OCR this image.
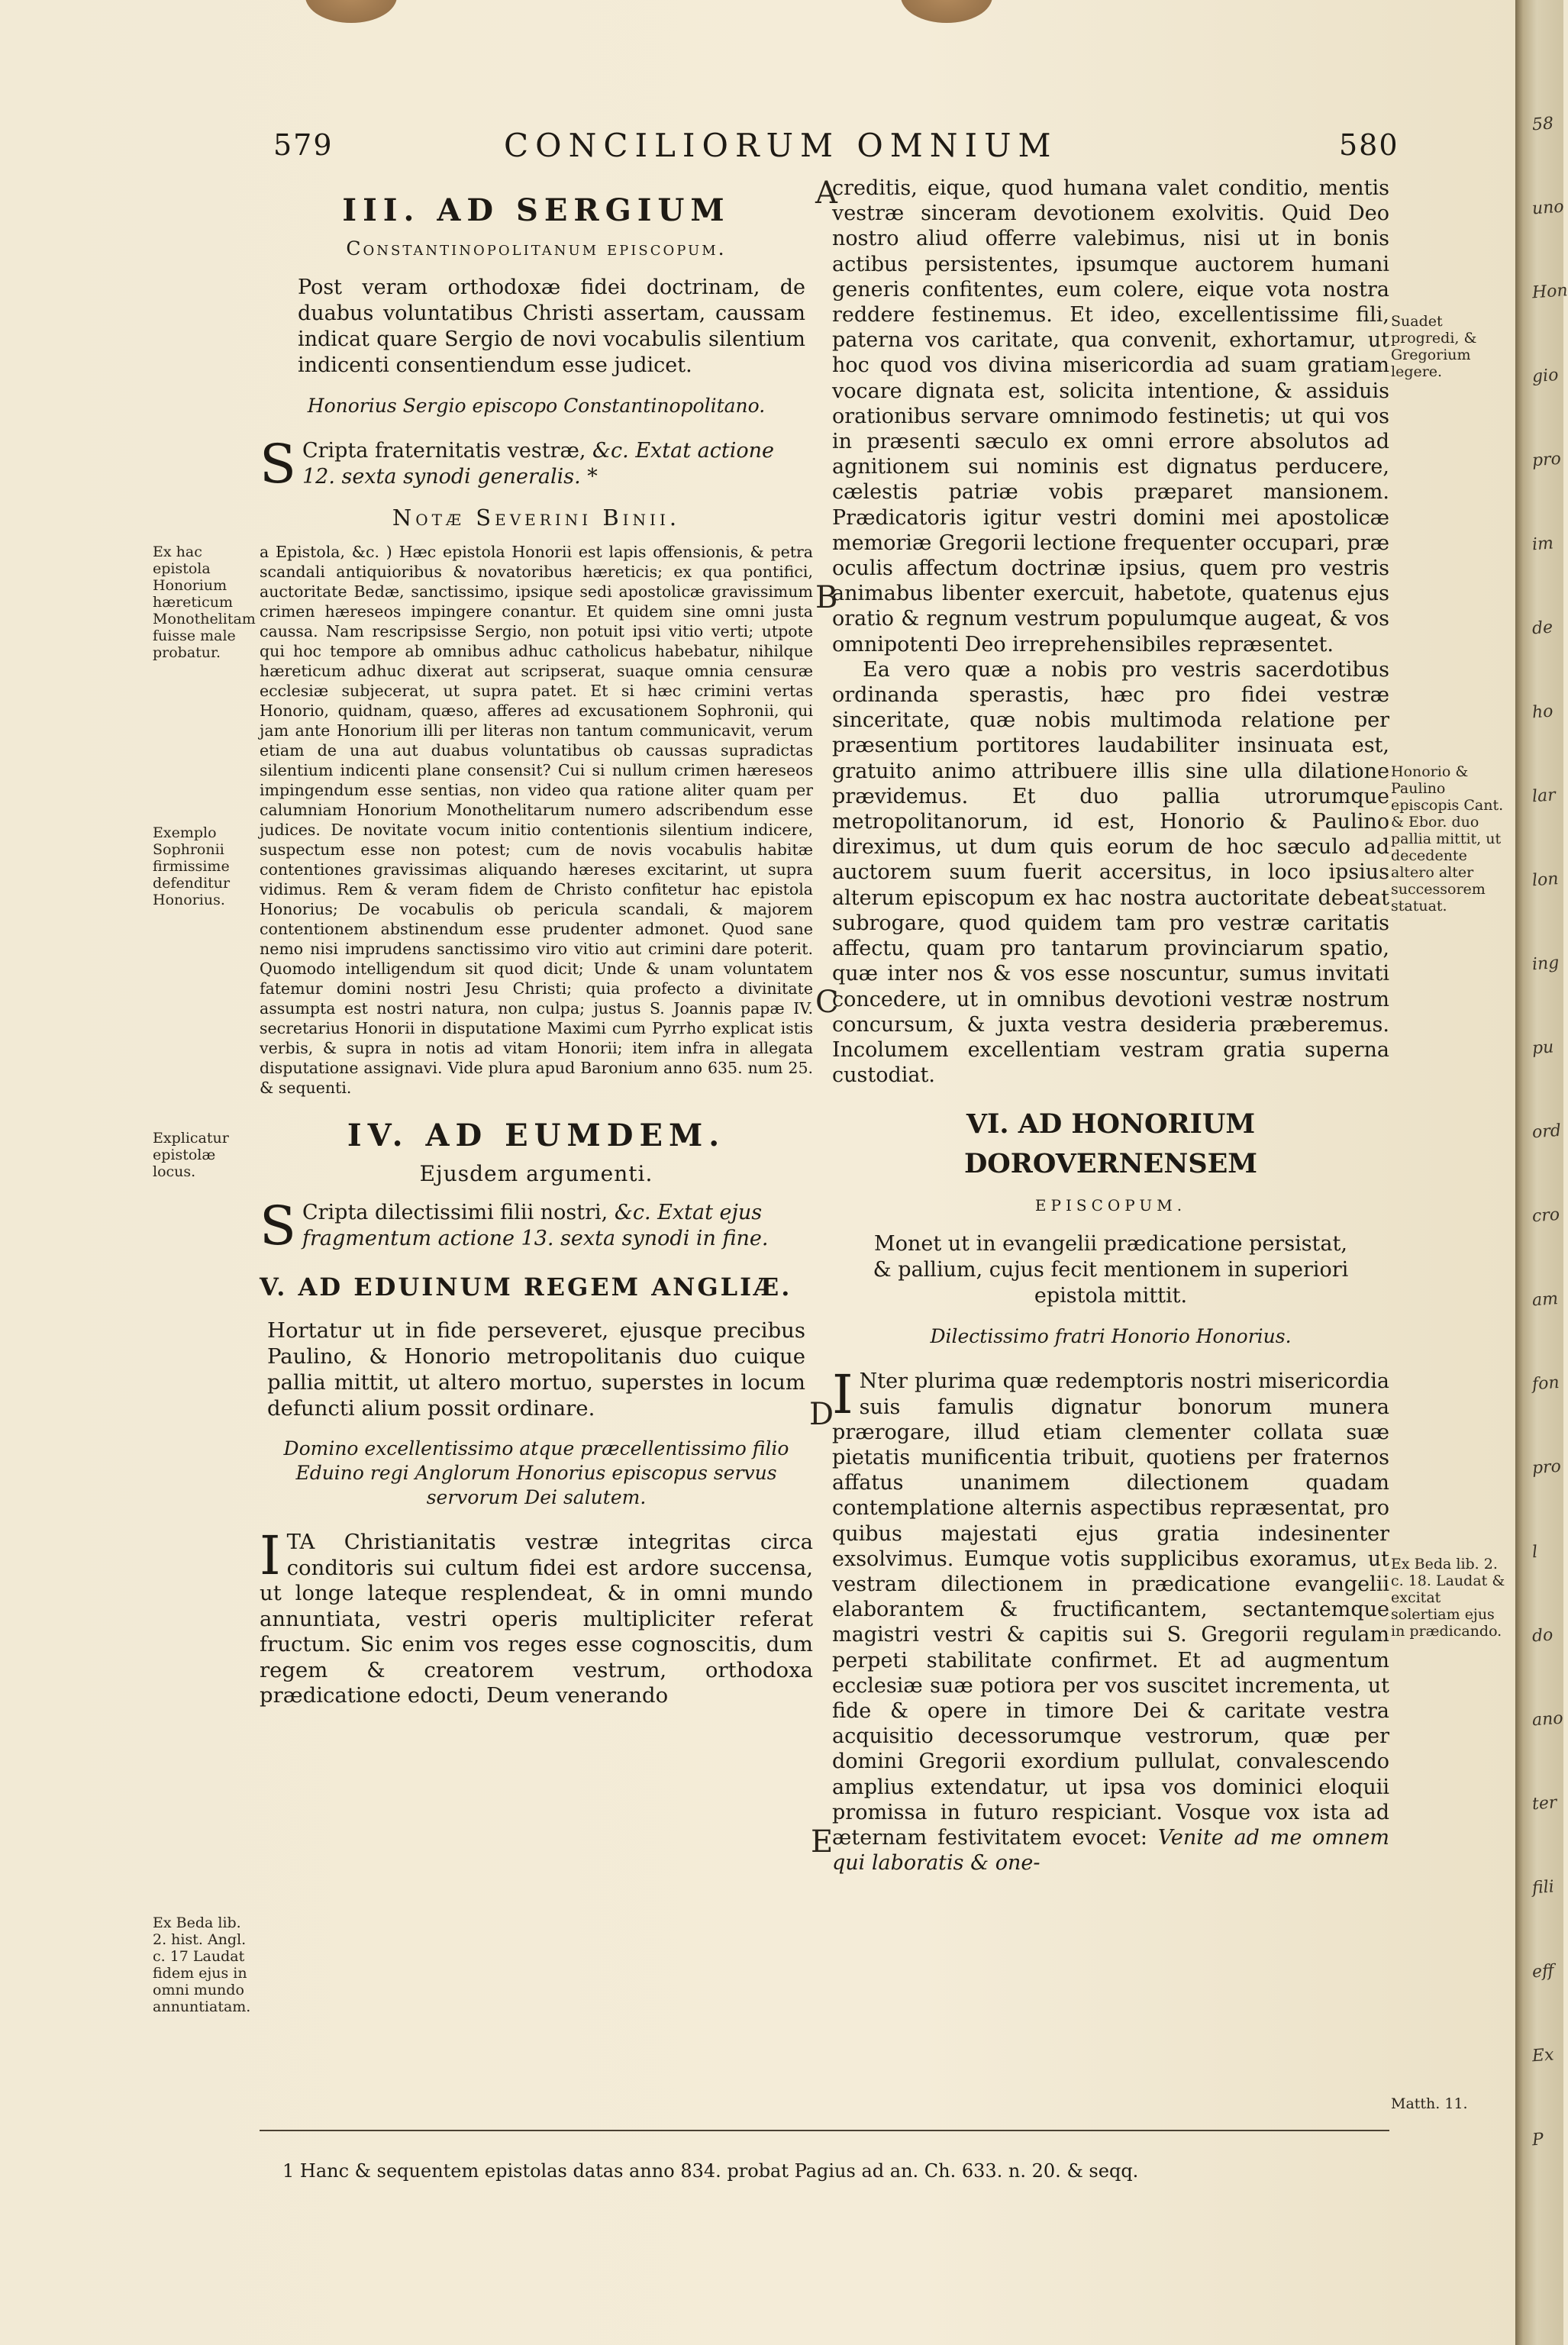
579	CONCILIORUM OMNIUM	580
III. AD SERGIUM
Constantinopolitanum episcopum.

Post veram orthodoxæ fidei doctrinam, de duabus voluntatibus Christi assertam, caussam indicat quare Sergio de novi vocabulis silentium indicenti consentiendum esse judicet.

Honorius Sergio episcopo Constantinopolitano.

S Cripta fraternitatis vestræ, &c. Extat actione 12. sexta synodi generalis. *

Notæ Severini Binii.

a Epistola, &c. ) Hæc epistola Honorii est lapis offensionis, & petra scandali antiquioribus & novatoribus hæreticis; ex qua pontifici, auctoritate Bedæ, sanctissimo, ipsique sedi apostolicæ gravissimum crimen hæreseos impingere conantur. Et quidem sine omni justa caussa. Nam rescripsisse Sergio, non potuit ipsi vitio verti; utpote qui hoc tempore ab omnibus adhuc catholicus habebatur, nihilque hæreticum adhuc dixerat aut scripserat, suaque omnia censuræ ecclesiæ subjecerat, ut supra patet. Et si hæc crimini vertas Honorio, quidnam, quæso, afferes ad excusationem Sophronii, qui jam ante Honorium illi per literas non tantum communicavit, verum etiam de una aut duabus voluntatibus ob caussas supradictas silentium indicenti plane consensit? Cui si nullum crimen hæreseos impingendum esse sentias, non video qua ratione aliter quam per calumniam Honorium Monothelitarum numero adscribendum esse judices. De novitate vocum initio contentionis silentium indicere, suspectum esse non potest; cum de novis vocabulis habitæ contentiones gravissimas aliquando hæreses excitarint, ut supra vidimus. Rem & veram fidem de Christo confitetur hac epistola Honorius; De vocabulis ob pericula scandali, & majorem contentionem abstinendum esse prudenter admonet. Quod sane nemo nisi imprudens sanctissimo viro vitio aut crimini dare poterit. Quomodo intelligendum sit quod dicit; Unde & unam voluntatem fatemur domini nostri Jesu Christi; quia profecto a divinitate assumpta est nostri natura, non culpa; justus S. Joannis papæ IV. secretarius Honorii in disputatione Maximi cum Pyrrho explicat istis verbis, & supra in notis ad vitam Honorii; item infra in allegata disputatione assignavi. Vide plura apud Baronium anno 635. num 25. & sequenti.

IV. AD EUMDEM.
Ejusdem argumenti.

S Cripta dilectissimi filii nostri, &c. Extat ejus fragmentum actione 13. sexta synodi in fine.

V. AD EDUINUM REGEM ANGLIÆ.

Hortatur ut in fide perseveret, ejusque precibus Paulino, & Honorio metropolitanis duo cuique pallia mittit, ut altero mortuo, superstes in locum defuncti alium possit ordinare.

Domino excellentissimo atque præcellentissimo filio Eduino regi Anglorum Honorius episcopus servus servorum Dei salutem.

ITA Christianitatis vestræ integritas circa conditoris sui cultum fidei est ardore succensa, ut longe lateque resplendeat, & in omni mundo annuntiata, vestri operis multipliciter referat fructum. Sic enim vos reges esse cognoscitis, dum regem & creatorem vestrum, orthodoxa prædicatione edocti, Deum venerando

creditis, eique, quod humana valet conditio, mentis vestræ sinceram devotionem exolvitis. Quid Deo nostro aliud offerre valebimus, nisi ut in bonis actibus persistentes, ipsumque auctorem humani generis confitentes, eum colere, eique vota nostra reddere festinemus. Et ideo, excellentissime fili, paterna vos caritate, qua convenit, exhortamur, ut hoc quod vos divina misericordia ad suam gratiam vocare dignata est, solicita intentione, & assiduis orationibus servare omnimodo festinetis; ut qui vos in præsenti sæculo ex omni errore absolutos ad agnitionem sui nominis est dignatus perducere, cælestis patriæ vobis præparet mansionem. Prædicatoris igitur vestri domini mei apostolicæ memoriæ Gregorii lectione frequenter occupari, præ oculis affectum doctrinæ ipsius, quem pro vestris animabus libenter exercuit, habetote, quatenus ejus oratio & regnum vestrum populumque augeat, & vos omnipotenti Deo irreprehensibiles repræsentet.

Ea vero quæ a nobis pro vestris sacerdotibus ordinanda sperastis, hæc pro fidei vestræ sinceritate, quæ nobis multimoda relatione per præsentium portitores laudabiliter insinuata est, gratuito animo attribuere illis sine ulla dilatione prævidemus. Et duo pallia utrorumque metropolitanorum, id est, Honorio & Paulino direximus, ut dum quis eorum de hoc sæculo ad auctorem suum fuerit accersitus, in loco ipsius alterum episcopum ex hac nostra auctoritate debeat subrogare, quod quidem tam pro vestræ caritatis affectu, quam pro tantarum provinciarum spatio, quæ inter nos & vos esse noscuntur, sumus invitati concedere, ut in omnibus devotioni vestræ nostrum concursum, & juxta vestra desideria præberemus. Incolumem excellentiam vestram gratia superna custodiat.

VI. AD HONORIUM DOROVERNENSEM
EPISCOPUM.

Monet ut in evangelii prædicatione persistat, & pallium, cujus fecit mentionem in superiori epistola mittit.

Dilectissimo fratri Honorio Honorius.

I Nter plurima quæ redemptoris nostri misericordia suis famulis dignatur bonorum munera prærogare, illud etiam clementer collata suæ pietatis munificentia tribuit, quotiens per fraternos affatus unanimem dilectionem quadam contemplatione alternis aspectibus repræsentat, pro quibus majestati ejus gratia indesinenter exsolvimus. Eumque votis supplicibus exoramus, ut vestram dilectionem in prædicatione evangelii elaborantem & fructificantem, sectantemque magistri vestri & capitis sui S. Gregorii regulam perpeti stabilitate confirmet. Et ad augmentum ecclesiæ suæ potiora per vos suscitet incrementa, ut fide & opere in timore Dei & caritate vestra acquisitio decessorumque vestrorum, quæ per domini Gregorii exordium pullulat, convalescendo amplius extendatur, ut ipsa vos dominici eloquii promissa in futuro respiciant. Vosque vox ista ad æternam festivitatem evocet: Venite ad me omnem qui laboratis & one-

Ex hac epistola Honorium hæreticum Monothelitam fuisse male probatur.
Exemplo Sophronii firmissime defenditur Honorius.
Explicatur epistolæ locus.
Ex Beda lib. 2. hist. Angl. c. 17 Laudat fidem ejus in omni mundo annuntiatam.
Suadet progredi, & Gregorium legere.
Honorio & Paulino episcopis Cant. & Ebor. duo pallia mittit, ut decedente altero alter successorem statuat.
Ex Beda lib. 2. c. 18. Laudat & excitat solertiam ejus in prædicando.
Matth. 11.
A
B
C
D
E
1 Hanc & sequentem epistolas datas anno 834. probat Pagius ad an. Ch. 633. n. 20. & seqq.
58
uno
Hon
gio
pro
im
de
ho
lar
lon
ing
pu
ord
cro
am
fon
pro
l
do
ano
ter
fili
eff
Ex
P
